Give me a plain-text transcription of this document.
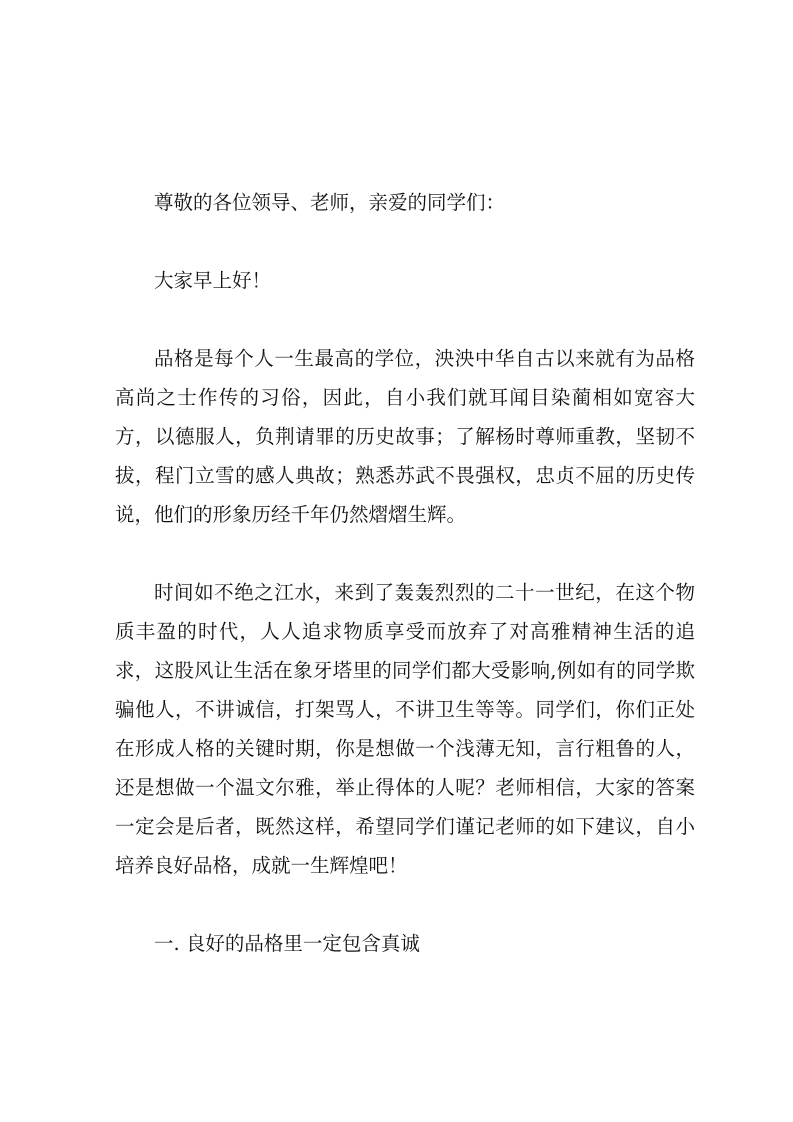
尊敬的各位领导、老师，亲爱的同学们：

大家早上好！

品格是每个人一生最高的学位，泱泱中华自古以来就有为品格高尚之士作传的习俗，因此，自小我们就耳闻目染蔺相如宽容大方，以德服人，负荆请罪的历史故事；了解杨时尊师重教，坚韧不拔，程门立雪的感人典故；熟悉苏武不畏强权，忠贞不屈的历史传说，他们的形象历经千年仍然熠熠生辉。

时间如不绝之江水，来到了轰轰烈烈的二十一世纪，在这个物质丰盈的时代，人人追求物质享受而放弃了对高雅精神生活的追求，这股风让生活在象牙塔里的同学们都大受影响,例如有的同学欺骗他人，不讲诚信，打架骂人，不讲卫生等等。同学们，你们正处在形成人格的关键时期，你是想做一个浅薄无知，言行粗鲁的人，还是想做一个温文尔雅，举止得体的人呢？老师相信，大家的答案一定会是后者，既然这样，希望同学们谨记老师的如下建议，自小培养良好品格，成就一生辉煌吧！

一. 良好的品格里一定包含真诚
